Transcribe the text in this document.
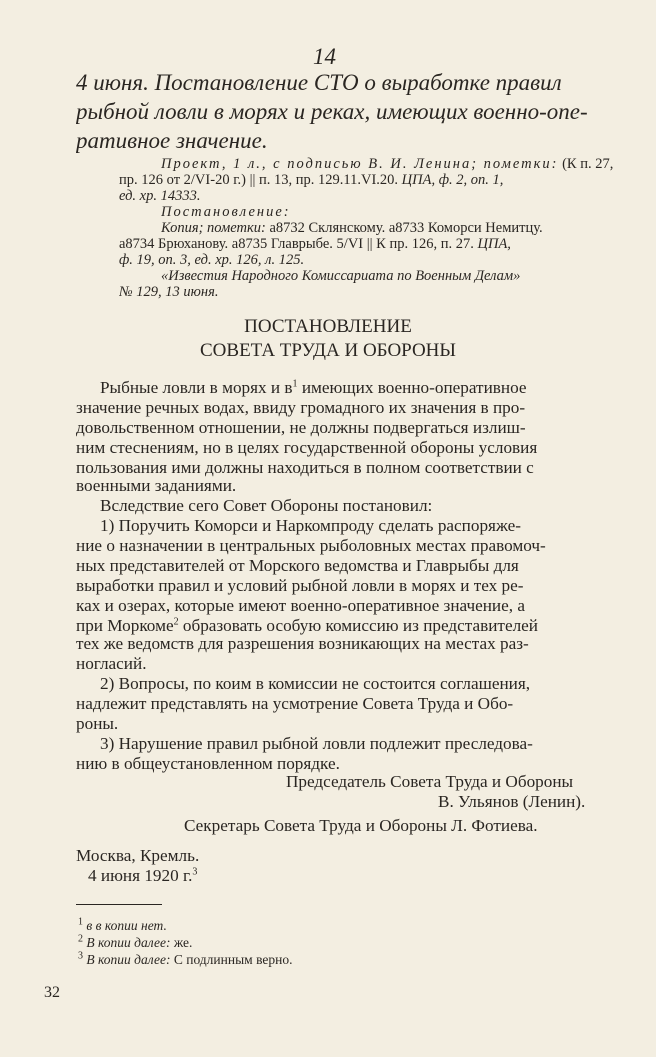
14
4 июня. Постановление СТО о выработке правил
рыбной ловли в морях и реках, имеющих военно-опе-
ративное значение.
Проект, 1 л., с подписью В. И. Ленина; пометки: (К п. 27,
пр. 126 от 2/VI-20 г.) || п. 13, пр. 129.11.VI.20. ЦПА, ф. 2, оп. 1,
ед. хр. 14333.
Постановление:
Копия; пометки: а8732 Склянскому. а8733 Коморси Немитцу.
а8734 Брюханову. а8735 Главрыбе. 5/VI || К пр. 126, п. 27. ЦПА,
ф. 19, оп. 3, ед. хр. 126, л. 125.
«Известия Народного Комиссариата по Военным Делам»
№ 129, 13 июня.
ПОСТАНОВЛЕНИЕ
СОВЕТА ТРУДА И ОБОРОНЫ
Рыбные ловли в морях и $в^1$ имеющих военно-оперативное
значение речных водах, ввиду громадного их значения в про-
довольственном отношении, не должны подвергаться излиш-
ним стеснениям, но в целях государственной обороны условия
пользования ими должны находиться в полном соответствии с
военными заданиями.
Вследствие сего Совет Обороны постановил:
1) Поручить Коморси и Наркомпроду сделать распоряже-
ние о назначении в центральных рыболовных местах правомоч-
ных представителей от Морского ведомства и Главрыбы для
выработки правил и условий рыбной ловли в морях и тех ре-
ках и озерах, которые имеют военно-оперативное значение, а
при Моркоме$^2$ образовать особую комиссию из представителей
тех же ведомств для разрешения возникающих на местах раз-
ногласий.
2) Вопросы, по коим в комиссии не состоится соглашения,
надлежит представлять на усмотрение Совета Труда и Обо-
роны.
3) Нарушение правил рыбной ловли подлежит преследова-
нию в общеустановленном порядке.
Председатель Совета Труда и Обороны
В. Ульянов (Ленин).
Секретарь Совета Труда и Обороны Л. Фотиева.
Москва, Кремль.
4 июня 1920 г.$^3$
$^1$ в в копии нет.
$^2$ В копии далее: же.
$^3$ В копии далее: С подлинным верно.
32
